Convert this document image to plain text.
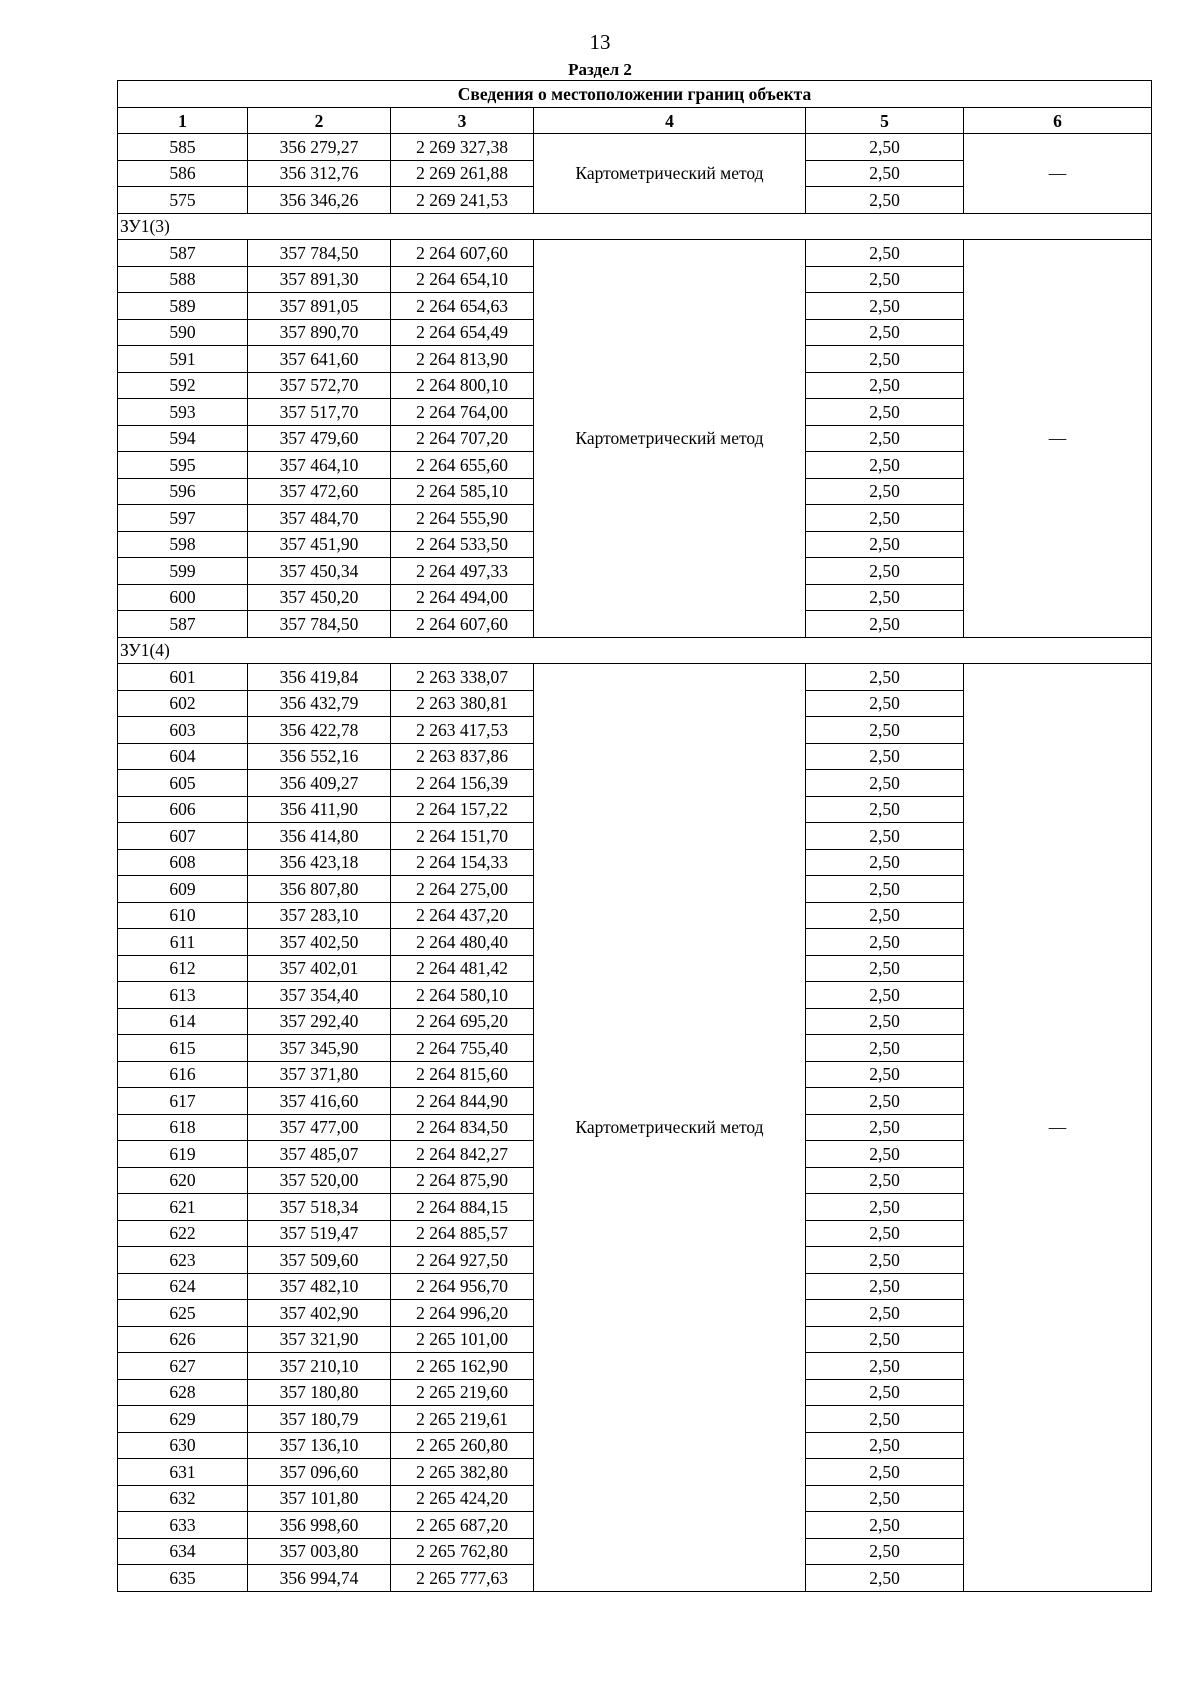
13
Раздел 2
Сведения о местоположении границ объекта					
1	2	3	4	5	6
585	356 279,27	2 269 327,38	Картометрический метод	2,50	—
586	356 312,76	2 269 261,88		2,50	
575	356 346,26	2 269 241,53		2,50	
ЗУ1(3)					
587	357 784,50	2 264 607,60	Картометрический метод	2,50	—
588	357 891,30	2 264 654,10		2,50	
589	357 891,05	2 264 654,63		2,50	
590	357 890,70	2 264 654,49		2,50	
591	357 641,60	2 264 813,90		2,50	
592	357 572,70	2 264 800,10		2,50	
593	357 517,70	2 264 764,00		2,50	
594	357 479,60	2 264 707,20		2,50	
595	357 464,10	2 264 655,60		2,50	
596	357 472,60	2 264 585,10		2,50	
597	357 484,70	2 264 555,90		2,50	
598	357 451,90	2 264 533,50		2,50	
599	357 450,34	2 264 497,33		2,50	
600	357 450,20	2 264 494,00		2,50	
587	357 784,50	2 264 607,60		2,50	
ЗУ1(4)					
601	356 419,84	2 263 338,07	Картометрический метод	2,50	—
602	356 432,79	2 263 380,81		2,50	
603	356 422,78	2 263 417,53		2,50	
604	356 552,16	2 263 837,86		2,50	
605	356 409,27	2 264 156,39		2,50	
606	356 411,90	2 264 157,22		2,50	
607	356 414,80	2 264 151,70		2,50	
608	356 423,18	2 264 154,33		2,50	
609	356 807,80	2 264 275,00		2,50	
610	357 283,10	2 264 437,20		2,50	
611	357 402,50	2 264 480,40		2,50	
612	357 402,01	2 264 481,42		2,50	
613	357 354,40	2 264 580,10		2,50	
614	357 292,40	2 264 695,20		2,50	
615	357 345,90	2 264 755,40		2,50	
616	357 371,80	2 264 815,60		2,50	
617	357 416,60	2 264 844,90		2,50	
618	357 477,00	2 264 834,50		2,50	
619	357 485,07	2 264 842,27		2,50	
620	357 520,00	2 264 875,90		2,50	
621	357 518,34	2 264 884,15		2,50	
622	357 519,47	2 264 885,57		2,50	
623	357 509,60	2 264 927,50		2,50	
624	357 482,10	2 264 956,70		2,50	
625	357 402,90	2 264 996,20		2,50	
626	357 321,90	2 265 101,00		2,50	
627	357 210,10	2 265 162,90		2,50	
628	357 180,80	2 265 219,60		2,50	
629	357 180,79	2 265 219,61		2,50	
630	357 136,10	2 265 260,80		2,50	
631	357 096,60	2 265 382,80		2,50	
632	357 101,80	2 265 424,20		2,50	
633	356 998,60	2 265 687,20		2,50	
634	357 003,80	2 265 762,80		2,50	
635	356 994,74	2 265 777,63		2,50	
